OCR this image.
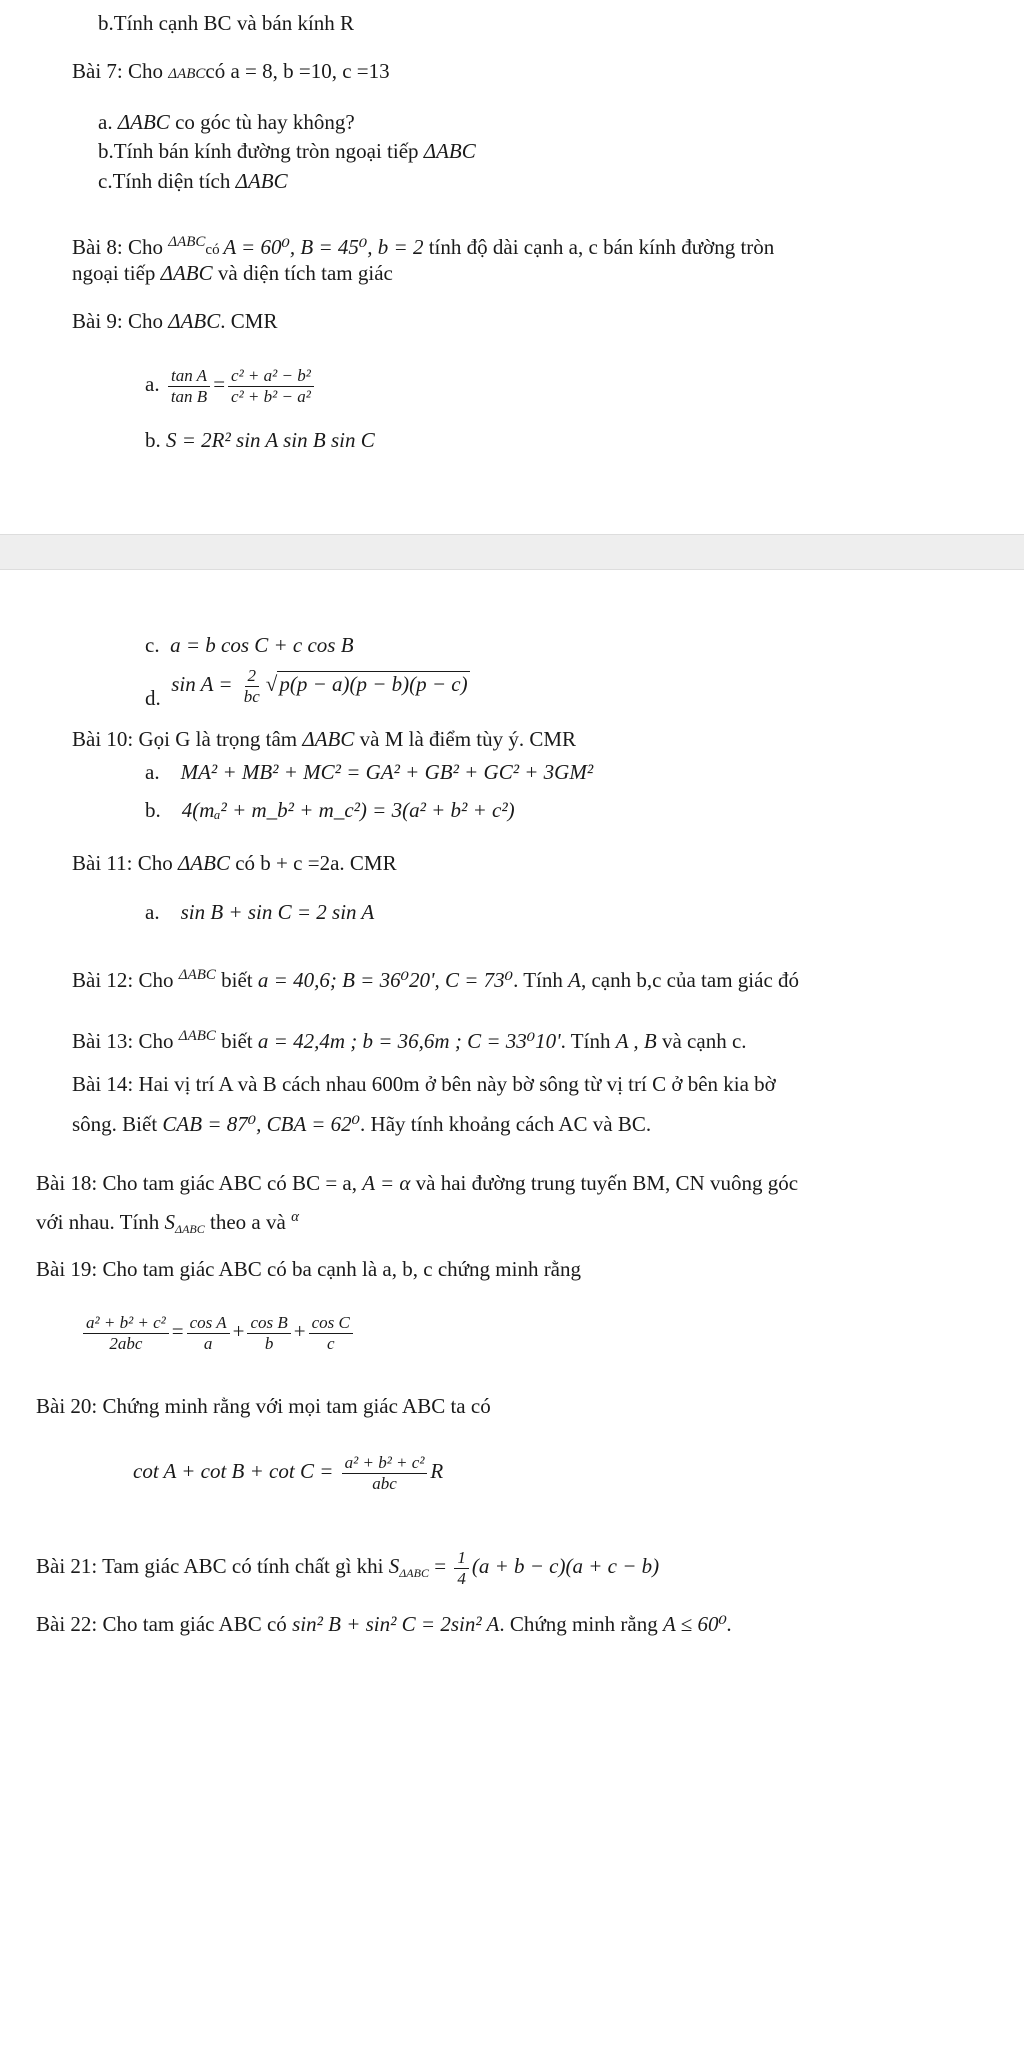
b.Tính cạnh BC và bán kính R
Bài 7: Cho ΔABCcó a = 8, b =10, c =13
a. ΔABC co góc tù hay không?
b.Tính bán kính đường tròn ngoại tiếp ΔABC
c.Tính diện tích ΔABC
Bài 8: Cho $^{\Delta ABC}$có A = 60⁰, B = 45⁰, b = 2 tính độ dài cạnh a, c bán kính đường tròn
ngoại tiếp ΔABC và diện tích tam giác
Bài 9: Cho ΔABC. CMR
a. $\frac{\text{tan A}}{\text{tan B}} = \frac{\text{c² + a² − b²}}{\text{c² + b² − a²}}$
b. S = 2R² sin A sin B sin C
c. a = b cos C + c cos B
d.  $\sin A = \frac{2}{bc} √p(p - a)(p - b)(p - c)$
Bài 10: Gọi G là trọng tâm ΔABC và M là điểm tùy ý. CMR
a. MA² + MB² + MC² = GA² + GB² + GC² + 3GM²
b. 4(mₐ² + m_b² + m_c²) = 3(a² + b² + c²)
Bài 11: Cho ΔABC có b + c =2a. CMR
a. sin B + sin C = 2 sin A
Bài 12: Cho $^{\Delta ABC}$ biết a = 40,6; B = 36⁰20', C = 73⁰. Tính A, cạnh b,c của tam giác đó
Bài 13: Cho $^{\Delta ABC}$ biết a = 42,4m ; b = 36,6m ; C = 33⁰10'. Tính A , B và cạnh c.
Bài 14: Hai vị trí A và B cách nhau 600m ở bên này bờ sông từ vị trí C ở bên kia bờ
sông. Biết CAB = 87⁰, CBA = 62⁰. Hãy tính khoảng cách AC và BC.
Bài 18: Cho tam giác ABC có BC = a, A = α và hai đường trung tuyến BM, CN vuông góc
với nhau. Tính $S_{\Delta ABC}$ theo a và $^\alpha$
Bài 19: Cho tam giác ABC có ba cạnh là a, b, c chứng minh rằng
$\frac{\text{a² + b² + c²}}{\text{2abc}} = \frac{\text{cos A}}{a} + \frac{\text{cos B}}{b} + \frac{\text{cos C}}{c}$
Bài 20: Chứng minh rằng với mọi tam giác ABC ta có
$\cot A + \cot B + \cot C = \frac{\text{a² + b² + c²}}{\text{abc}}$ R
Bài 21: Tam giác ABC có tính chất gì khi $S_{\Delta ABC} = \frac{1}{4} (a + b - c)(a + c - b)$
Bài 22: Cho tam giác ABC có sin² B + sin² C = 2sin² A. Chứng minh rằng A ≤ 60⁰.
